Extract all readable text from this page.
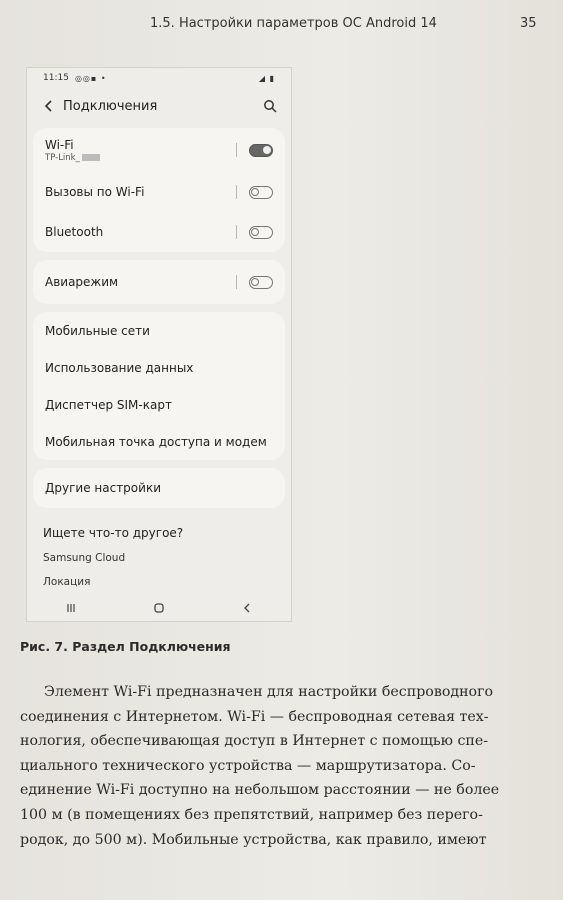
1.5. Настройки параметров ОС Android 14	35
11:15 ◎◎▪ •	◢ ▮
Подключения
Wi-Fi
TP-Link_
Вызовы по Wi-Fi
Bluetooth
Авиарежим
Мобильные сети
Использование данных
Диспетчер SIM-карт
Мобильная точка доступа и модем
Другие настройки
Ищете что-то другое?
Samsung Cloud
Локация
Рис. 7. Раздел Подключения
Элемент Wi-Fi предназначен для настройки беспроводного
соединения с Интернетом. Wi-Fi — беспроводная сетевая тех-
нология, обеспечивающая доступ в Интернет с помощью спе-
циального технического устройства — маршрутизатора. Со-
единение Wi-Fi доступно на небольшом расстоянии — не более
100 м (в помещениях без препятствий, например без перего-
родок, до 500 м). Мобильные устройства, как правило, имеют
